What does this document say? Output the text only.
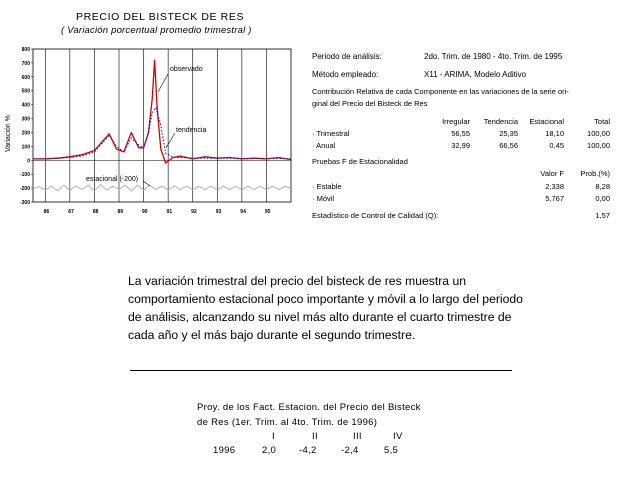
PRECIO DEL BISTECK DE RES
( Variación porcentual promedio trimestral )
800
700
600
500
400
300
200
100
0
-100
-200
-300
86	87	88	89	90	91	92	93	94	95
Variación %
observado
tendencia
estacional (-200)
Periodo de análisis:	2do. Trim. de 1980 - 4to. Trim. de 1995
Método empleado:	X11 - ARIMA, Modelo Aditivo
Contribución Relativa de cada Componente en las variaciones de la serie ori-
ginal del Precio del Bisteck de Res
Irregular	Tendencia	Estacional	Total
· Trimestral	56,55	25,35	18,10	100,00
· Anual	32,99	66,56	0,45	100,00
Pruebas F de Estacionalidad
Valor F	Prob.(%)
· Estable	2,338	8,28
· Móvil	5,767	0,00
Estadístico de Control de Calidad (Q):	1,57
La variación trimestral del precio del bisteck de res muestra un comportamiento estacional poco importante y móvil a lo largo del periodo de análisis, alcanzando su nivel más alto durante el cuarto trimestre de cada año y el más bajo durante el segundo trimestre.
Proy. de los Fact. Estacion. del Precio del Bisteck
de Res (1er. Trim. al 4to. Trim. de 1996)
I	II	III	IV
1996	2,0 -4,2	-2,4	5,5
